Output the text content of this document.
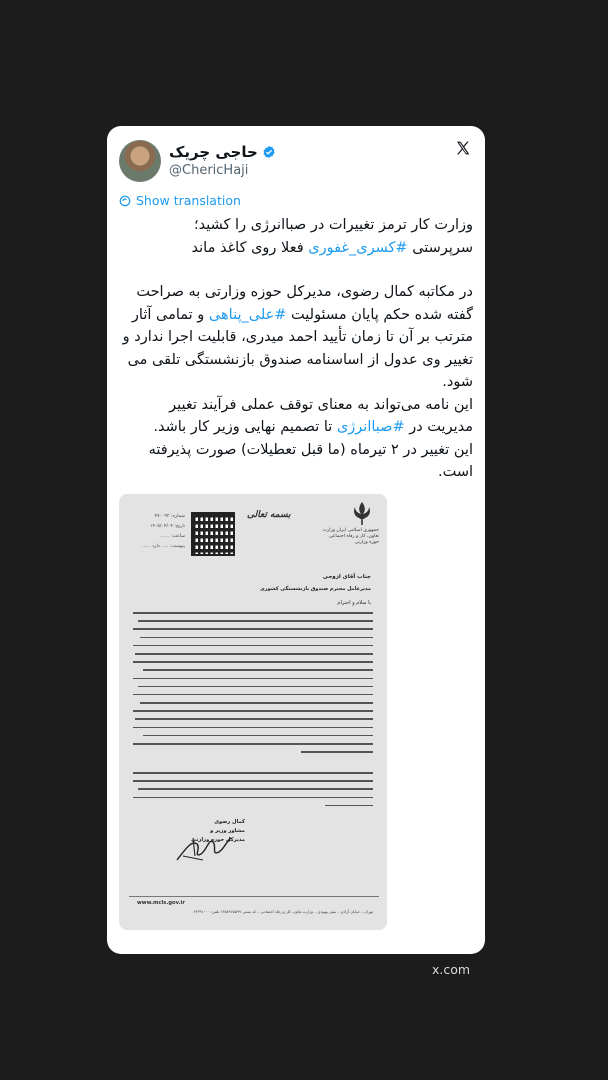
حاجی چریک
@ChericHaji
Show translation

وزارت کار ترمز تغییرات در صباانرژی را کشید؛

سرپرستی #کسری_غفوری فعلا روی کاغذ ماند

در مکاتبه کمال رضوی، مدیرکل حوزه وزارتی به صراحت گفته شده حکم پایان مسئولیت #علی_پناهی و تمامی آثار مترتب بر آن تا زمان تأیید احمد میدری، قابلیت اجرا ندارد و تغییر وی عدول از اساسنامه صندوق بازنشستگی تلقی می شود.

این نامه می‌تواند به معنای توقف عملی فرآیند تغییر مدیریت در #صباانرژی تا تصمیم نهایی وزیر کار باشد.

این تغییر در ۲ تیرماه (ما قبل تعطیلات) صورت پذیرفته است.

جمهوری اسلامی ایران وزارت تعاون، کار و رفاه اجتماعی حوزه وزارتی
بسمه تعالی
شماره: ۴۷۰۰۹۲
تاریخ: ۱۴۰۵/۰۴/۰۴
ساعت: ......
پیوست: ..... دارد ......
جناب آقای ازوجی
مدیرعامل محترم صندوق بازنشستگی کشوری
با سلام و احترام
کمال رضوی
مشاور وزیر و
مدیرکل حوزه وزارتی
www.mcls.gov.ir
تهران – خیابان آزادی – نبش بهبودی – وزارت تعاون، کار و رفاه اجتماعی – کد پستی ۱۳۵۸۹۶۵۵۹۹ تلفن: ۶۴۳۹۱۰۰۰
x.com
